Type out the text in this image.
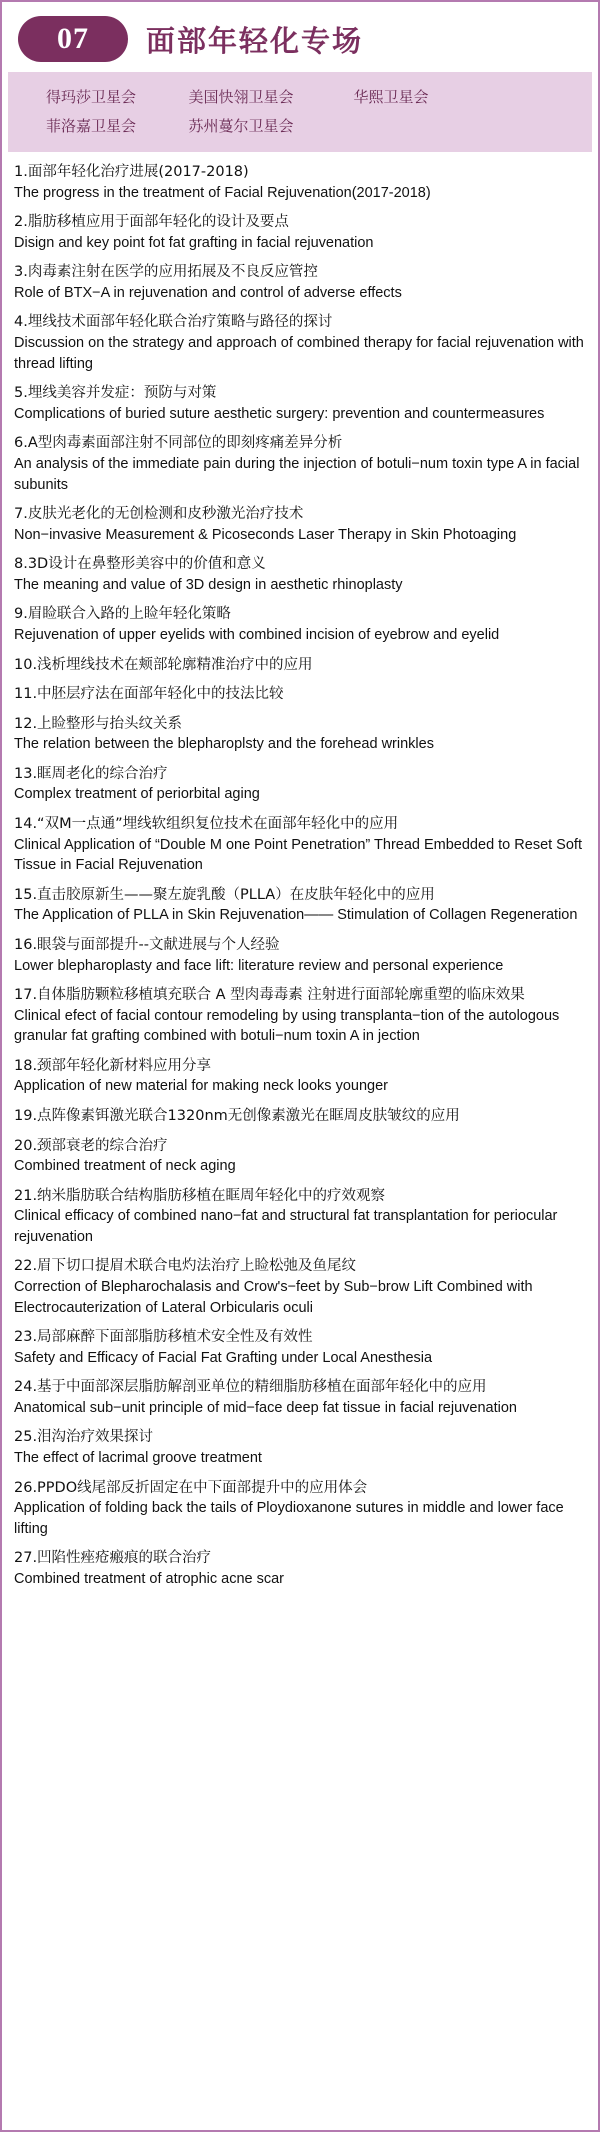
07 面部年轻化专场
得玛莎卫星会	美国快翎卫星会	华熙卫星会
菲洛嘉卫星会	苏州蔓尔卫星会
1.面部年轻化治疗进展(2017-2018)
The progress in the treatment of Facial Rejuvenation(2017-2018)
2.脂肪移植应用于面部年轻化的设计及要点
Disign and key point fot fat grafting in facial rejuvenation
3.肉毒素注射在医学的应用拓展及不良反应管控
Role of BTX−A in rejuvenation and control of adverse effects
4.埋线技术面部年轻化联合治疗策略与路径的探讨
Discussion on the strategy and approach of combined therapy for facial rejuvenation with thread lifting
5.埋线美容并发症：预防与对策
Complications of buried suture aesthetic surgery: prevention and countermeasures
6.A型肉毒素面部注射不同部位的即刻疼痛差异分析
An analysis of the immediate pain during the injection of botuli−num toxin type A in facial subunits
7.皮肤光老化的无创检测和皮秒激光治疗技术
Non−invasive Measurement & Picoseconds Laser Therapy in Skin Photoaging
8.3D设计在鼻整形美容中的价值和意义
The meaning and value of 3D design in aesthetic rhinoplasty
9.眉睑联合入路的上睑年轻化策略
Rejuvenation of upper eyelids with combined incision of eyebrow and eyelid
10.浅析埋线技术在颊部轮廓精准治疗中的应用
11.中胚层疗法在面部年轻化中的技法比较
12.上睑整形与抬头纹关系
The relation between the blepharoplsty and the forehead wrinkles
13.眶周老化的综合治疗
Complex treatment of periorbital aging
14.“双M一点通”埋线软组织复位技术在面部年轻化中的应用
Clinical Application of “Double M one Point Penetration” Thread Embedded to Reset Soft Tissue in Facial Rejuvenation
15.直击胶原新生——聚左旋乳酸（PLLA）在皮肤年轻化中的应用
The Application of PLLA in Skin Rejuvenation—— Stimulation of Collagen Regeneration
16.眼袋与面部提升--文献进展与个人经验
Lower blepharoplasty and face lift: literature review and personal experience
17.自体脂肪颗粒移植填充联合 A 型肉毒毒素 注射进行面部轮廓重塑的临床效果
Clinical efect of facial contour remodeling by using transplanta−tion of the autologous granular fat grafting combined with botuli−num toxin A in jection
18.颈部年轻化新材料应用分享
Application of new material for making neck looks younger
19.点阵像素铒激光联合1320nm无创像素激光在眶周皮肤皱纹的应用
20.颈部衰老的综合治疗
Combined treatment of neck aging
21.纳米脂肪联合结构脂肪移植在眶周年轻化中的疗效观察
Clinical efficacy of combined nano−fat and structural fat transplantation for periocular rejuvenation
22.眉下切口提眉术联合电灼法治疗上睑松弛及鱼尾纹
Correction of Blepharochalasis and Crow's−feet by Sub−brow Lift Combined with Electrocauterization of Lateral Orbicularis oculi
23.局部麻醉下面部脂肪移植术安全性及有效性
Safety and Efficacy of Facial Fat Grafting under Local Anesthesia
24.基于中面部深层脂肪解剖亚单位的精细脂肪移植在面部年轻化中的应用
Anatomical sub−unit principle of mid−face deep fat tissue in facial rejuvenation
25.泪沟治疗效果探讨
The effect of lacrimal groove treatment
26.PPDO线尾部反折固定在中下面部提升中的应用体会
Application of folding back the tails of Ploydioxanone sutures in middle and lower face lifting
27.凹陷性痤疮瘢痕的联合治疗
Combined treatment of atrophic acne scar
